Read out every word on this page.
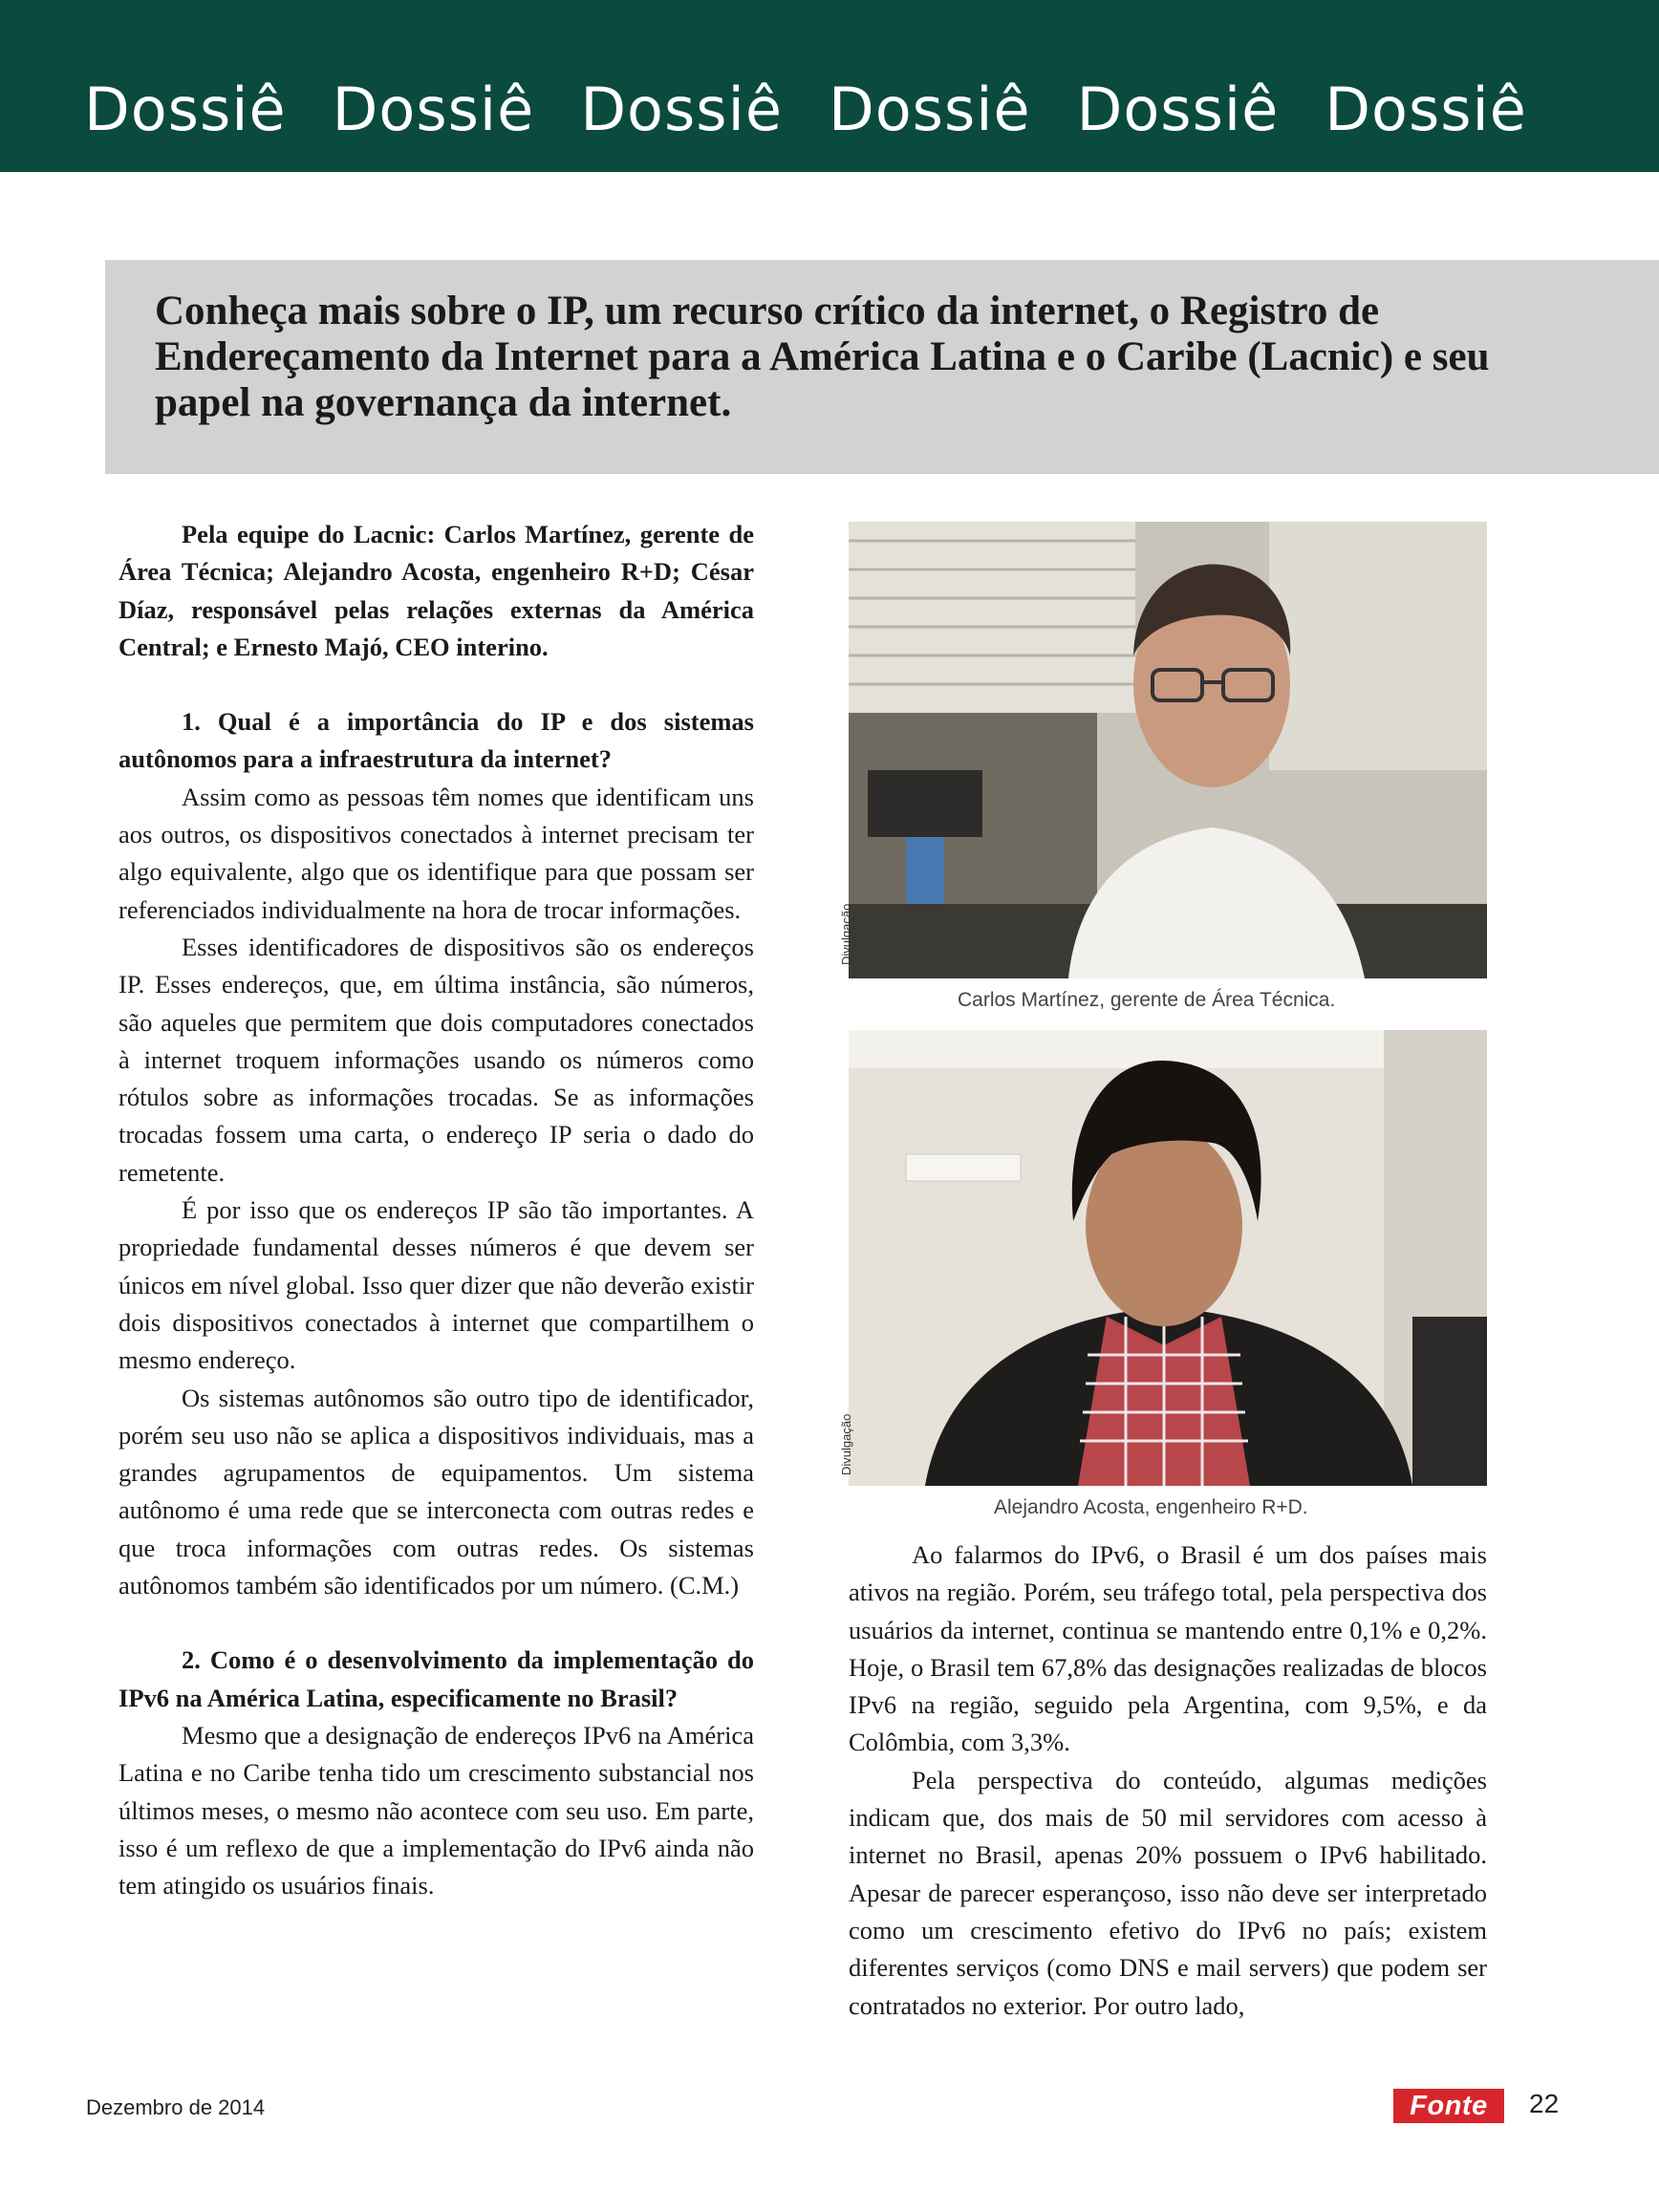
Dossiê Dossiê Dossiê Dossiê Dossiê Dossiê

Conheça mais sobre o IP, um recurso crítico da internet, o Registro de Endereçamento da Internet para a América Latina e o Caribe (Lacnic) e seu papel na governança da internet.

Pela equipe do Lacnic: Carlos Martínez, gerente de Área Técnica; Alejandro Acosta, engenheiro R+D; César Díaz, responsável pelas relações externas da América Central; e Ernesto Majó, CEO interino.

1. Qual é a importância do IP e dos sistemas autônomos para a infraestrutura da internet?

Assim como as pessoas têm nomes que identificam uns aos outros, os dispositivos conectados à internet precisam ter algo equivalente, algo que os identifique para que possam ser referenciados individualmente na hora de trocar informações.

Esses identificadores de dispositivos são os endereços IP. Esses endereços, que, em última instância, são números, são aqueles que permitem que dois computadores conectados à internet troquem informações usando os números como rótulos sobre as informações trocadas. Se as informações trocadas fossem uma carta, o endereço IP seria o dado do remetente.

É por isso que os endereços IP são tão importantes. A propriedade fundamental desses números é que devem ser únicos em nível global. Isso quer dizer que não deverão existir dois dispositivos conectados à internet que compartilhem o mesmo endereço.

Os sistemas autônomos são outro tipo de identificador, porém seu uso não se aplica a dispositivos individuais, mas a grandes agrupamentos de equipamentos. Um sistema autônomo é uma rede que se interconecta com outras redes e que troca informações com outras redes. Os sistemas autônomos também são identificados por um número. (C.M.)

2. Como é o desenvolvimento da implementação do IPv6 na América Latina, especificamente no Brasil?

Mesmo que a designação de endereços IPv6 na América Latina e no Caribe tenha tido um crescimento substancial nos últimos meses, o mesmo não acontece com seu uso. Em parte, isso é um reflexo de que a implementação do IPv6 ainda não tem atingido os usuários finais.

Divulgação
Carlos Martínez, gerente de Área Técnica.
Divulgação
Alejandro Acosta, engenheiro R+D.

Ao falarmos do IPv6, o Brasil é um dos países mais ativos na região. Porém, seu tráfego total, pela perspectiva dos usuários da internet, continua se mantendo entre 0,1% e 0,2%. Hoje, o Brasil tem 67,8% das designações realizadas de blocos IPv6 na região, seguido pela Argentina, com 9,5%, e da Colômbia, com 3,3%.

Pela perspectiva do conteúdo, algumas medições indicam que, dos mais de 50 mil servidores com acesso à internet no Brasil, apenas 20% possuem o IPv6 habilitado. Apesar de parecer esperançoso, isso não deve ser interpretado como um crescimento efetivo do IPv6 no país; existem diferentes serviços (como DNS e mail servers) que podem ser contratados no exterior. Por outro lado,

Dezembro de 2014	Fonte 22
